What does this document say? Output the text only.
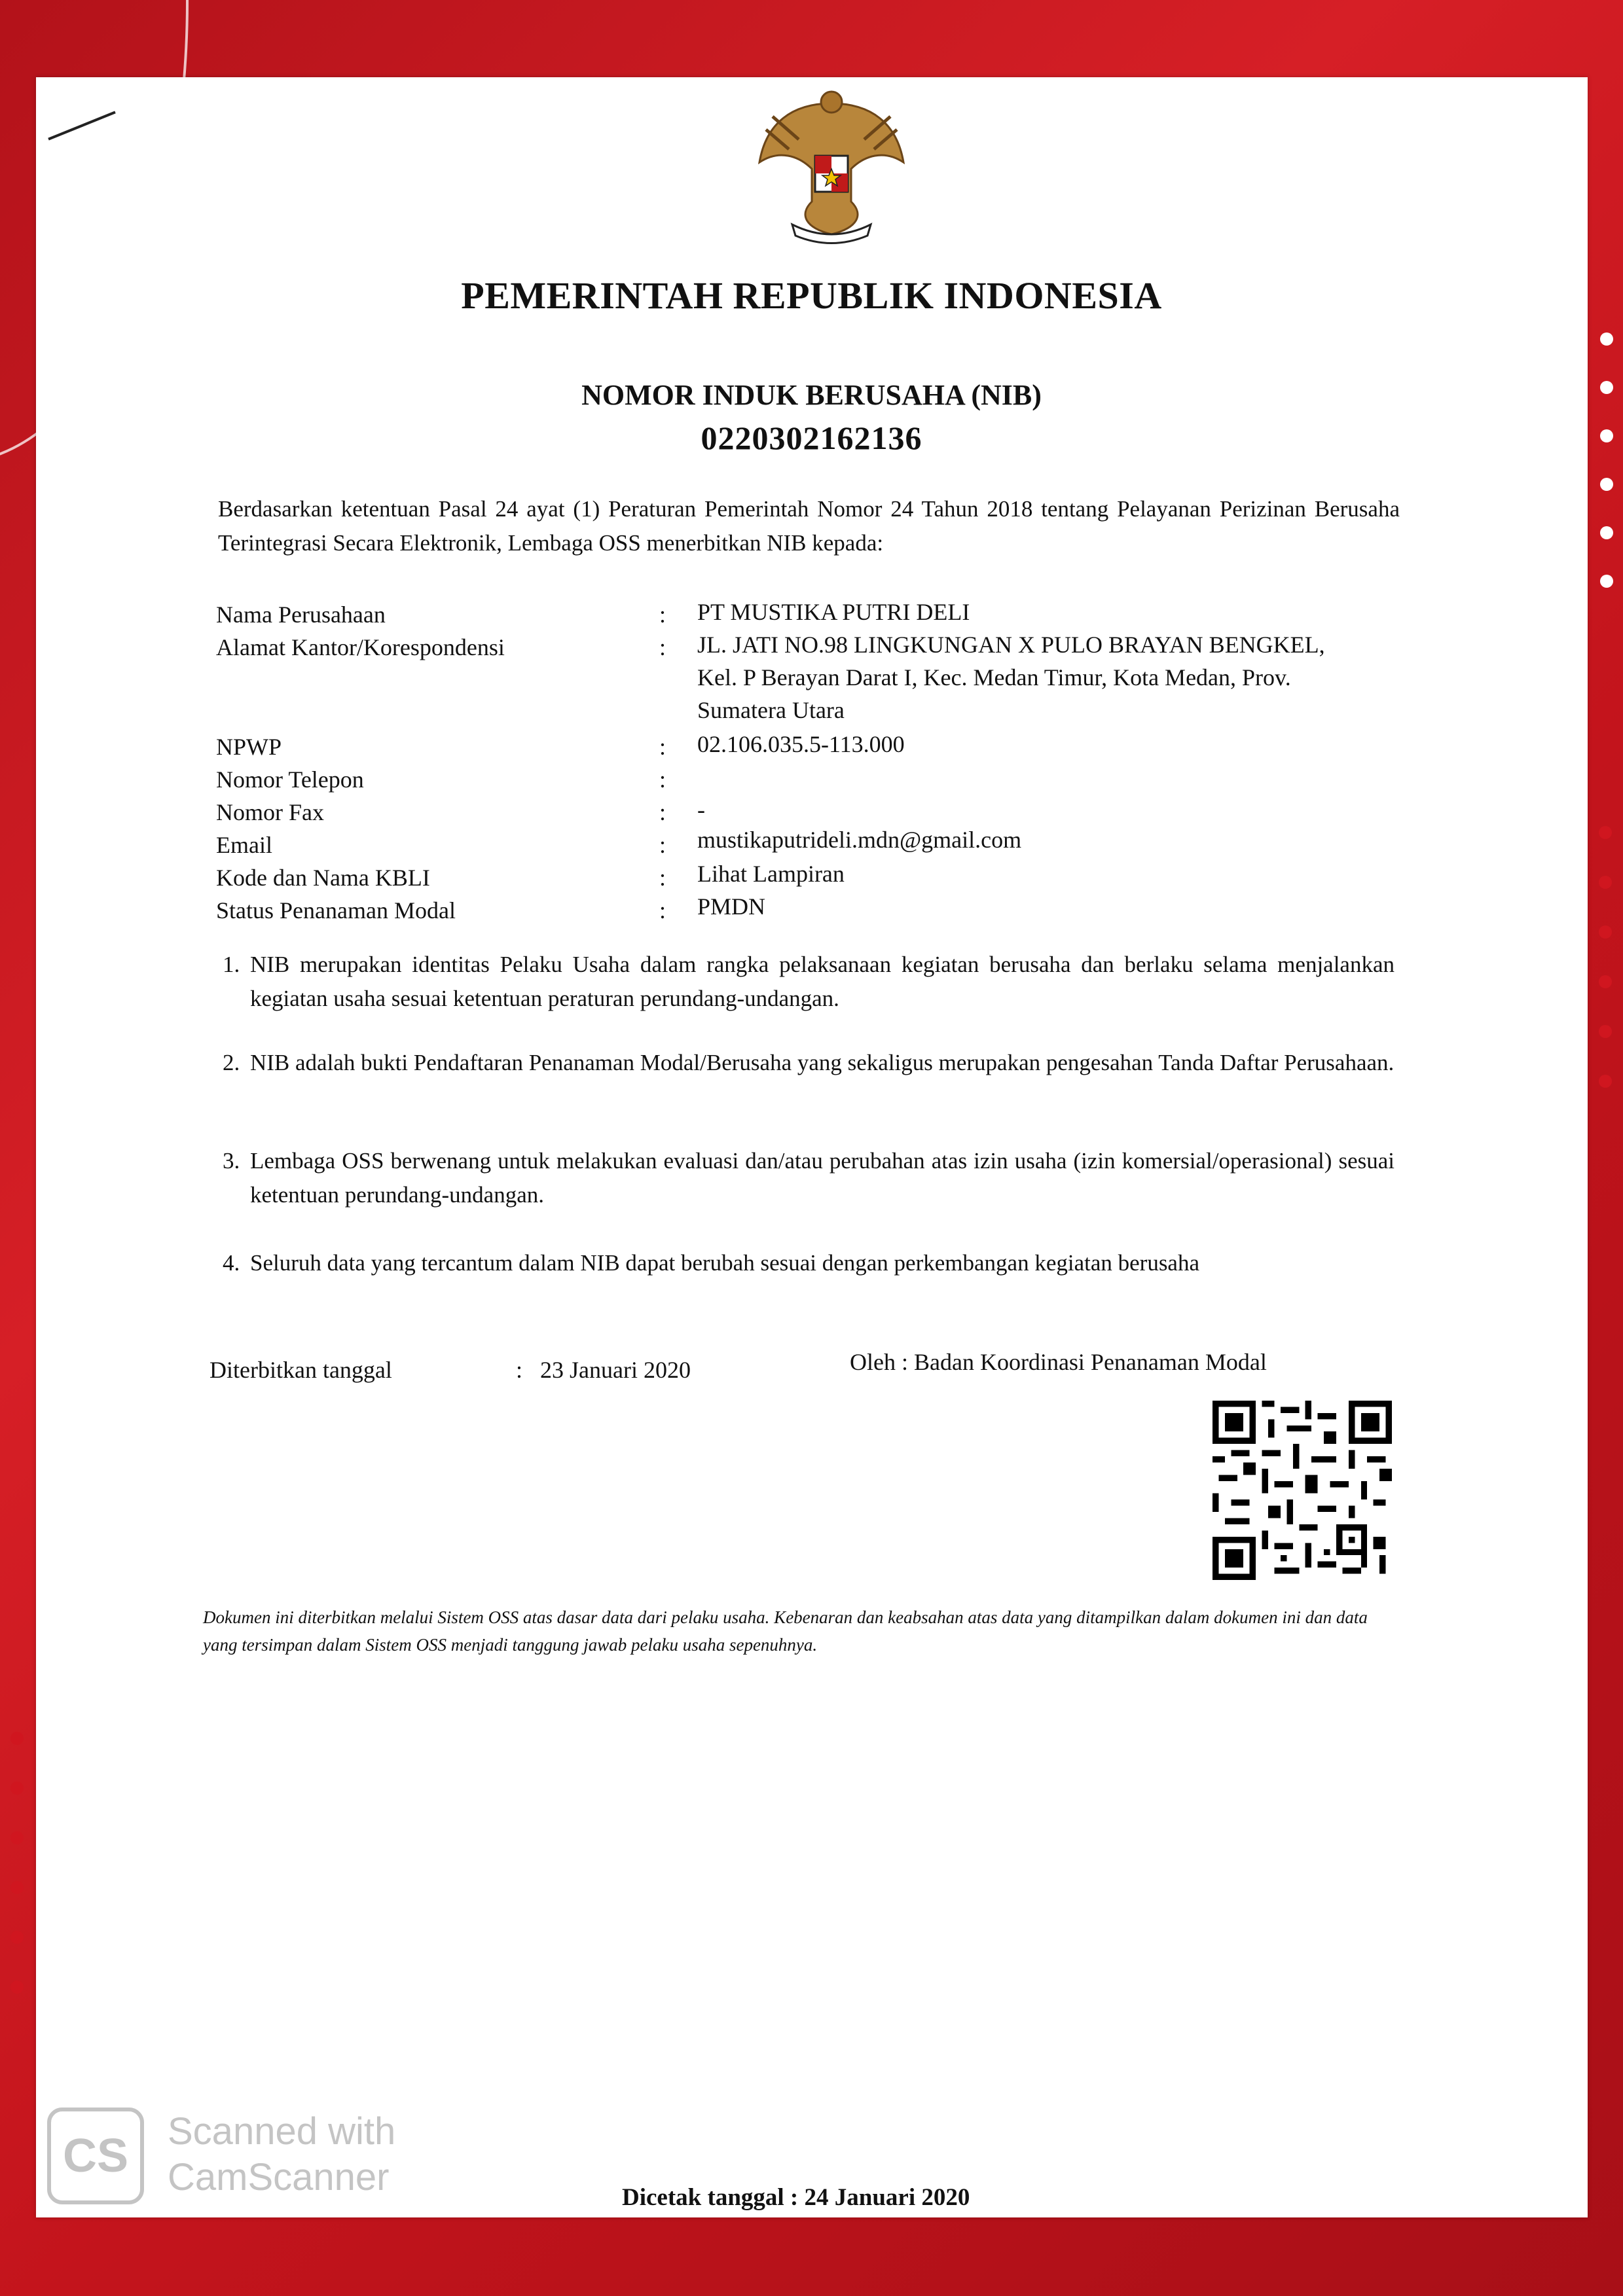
PEMERINTAH REPUBLIK INDONESIA
NOMOR INDUK BERUSAHA (NIB)
0220302162136
Berdasarkan ketentuan Pasal 24 ayat (1) Peraturan Pemerintah Nomor 24 Tahun 2018 tentang Pelayanan Perizinan Berusaha Terintegrasi Secara Elektronik, Lembaga OSS menerbitkan NIB kepada:
Nama Perusahaan	: PT MUSTIKA PUTRI DELI
Alamat Kantor/Korespondensi	: JL. JATI NO.98 LINGKUNGAN X PULO BRAYAN BENGKEL,
Kel. P Berayan Darat I, Kec. Medan Timur, Kota Medan, Prov.
Sumatera Utara
NPWP	: 02.106.035.5-113.000
Nomor Telepon	:
Nomor Fax	: -
Email	: mustikaputrideli.mdn@gmail.com
Kode dan Nama KBLI	: Lihat Lampiran
Status Penanaman Modal	: PMDN
1. NIB merupakan identitas Pelaku Usaha dalam rangka pelaksanaan kegiatan berusaha dan berlaku selama menjalankan kegiatan usaha sesuai ketentuan peraturan perundang-undangan.
2. NIB adalah bukti Pendaftaran Penanaman Modal/Berusaha yang sekaligus merupakan pengesahan Tanda Daftar Perusahaan.
3. Lembaga OSS berwenang untuk melakukan evaluasi dan/atau perubahan atas izin usaha (izin komersial/operasional) sesuai ketentuan perundang-undangan.
4. Seluruh data yang tercantum dalam NIB dapat berubah sesuai dengan perkembangan kegiatan berusaha
Diterbitkan tanggal	: 23 Januari 2020	Oleh : Badan Koordinasi Penanaman Modal
Dokumen ini diterbitkan melalui Sistem OSS atas dasar data dari pelaku usaha. Kebenaran dan keabsahan atas data yang ditampilkan dalam dokumen ini dan data yang tersimpan dalam Sistem OSS menjadi tanggung jawab pelaku usaha sepenuhnya.
Dicetak tanggal : 24 Januari 2020
CS Scanned with
CamScanner
